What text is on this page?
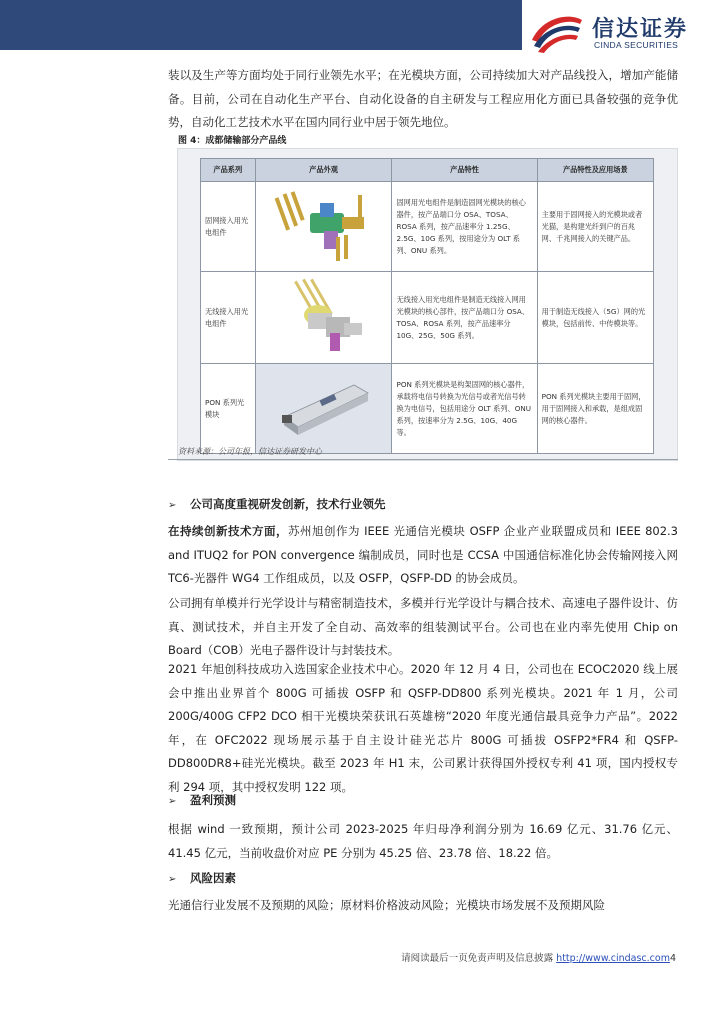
信达证券
CINDA SECURITIES

装以及生产等方面均处于同行业领先水平；在光模块方面，公司持续加大对产品线投入，增加产能储备。目前，公司在自动化生产平台、自动化设备的自主研发与工程应用化方面已具备较强的竞争优势，自动化工艺技术水平在国内同行业中居于领先地位。

图 4：成都储输部分产品线
产品系列	产品外观	产品特性	产品特性及应用场景
固网接入用光电组件		固网用光电组件是制造固网光模块的核心器件，按产品端口分 OSA、TOSA、ROSA 系列，按产品速率分 1.25G、2.5G、10G 系列，按用途分为 OLT 系列、ONU 系列。	主要用于固网接入的光模块或者光猫，是构建光纤到户的百兆网、千兆网接入的关键产品。
无线接入用光电组件		无线接入用光电组件是制造无线接入网用光模块的核心部件，按产品端口分 OSA、TOSA、ROSA 系列，按产品速率分 10G、25G、50G 系列。	用于制造无线接入（5G）网的光模块，包括前传、中传模块等。
PON 系列光模块		PON 系列光模块是构架固网的核心器件，承载将电信号转换为光信号或者光信号转换为电信号，包括用途分 OLT 系列、ONU 系列，按速率分为 2.5G、10G、40G 等。	PON 系列光模块主要用于固网，用于固网接入和承载，是组成固网的核心器件。
资料来源：公司年报，信达证券研发中心
➢ 公司高度重视研发创新，技术行业领先

在持续创新技术方面，苏州旭创作为 IEEE 光通信光模块 OSFP 企业产业联盟成员和 IEEE 802.3 and ITUQ2 for PON convergence 编制成员，同时也是 CCSA 中国通信标准化协会传输网接入网 TC6-光器件 WG4 工作组成员，以及 OSFP，QSFP-DD 的协会成员。

公司拥有单模并行光学设计与精密制造技术，多模并行光学设计与耦合技术、高速电子器件设计、仿真、测试技术，并自主开发了全自动、高效率的组装测试平台。公司也在业内率先使用 Chip on Board（COB）光电子器件设计与封装技术。

2021 年旭创科技成功入选国家企业技术中心。2020 年 12 月 4 日，公司也在 ECOC2020 线上展会中推出业界首个 800G 可插拔 OSFP 和 QSFP-DD800 系列光模块。2021 年 1 月，公司 200G/400G CFP2 DCO 相干光模块荣获讯石英雄榜“2020 年度光通信最具竞争力产品”。2022 年，在 OFC2022 现场展示基于自主设计硅光芯片 800G 可插拔 OSFP2*FR4 和 QSFP-DD800DR8+硅光光模块。截至 2023 年 H1 末，公司累计获得国外授权专利 41 项，国内授权专利 294 项，其中授权发明 122 项。

➢ 盈利预测

根据 wind 一致预期，预计公司 2023-2025 年归母净利润分别为 16.69 亿元、31.76 亿元、41.45 亿元，当前收盘价对应 PE 分别为 45.25 倍、23.78 倍、18.22 倍。

➢ 风险因素

光通信行业发展不及预期的风险；原材料价格波动风险；光模块市场发展不及预期风险

请阅读最后一页免责声明及信息披露 http://www.cindasc.com4
